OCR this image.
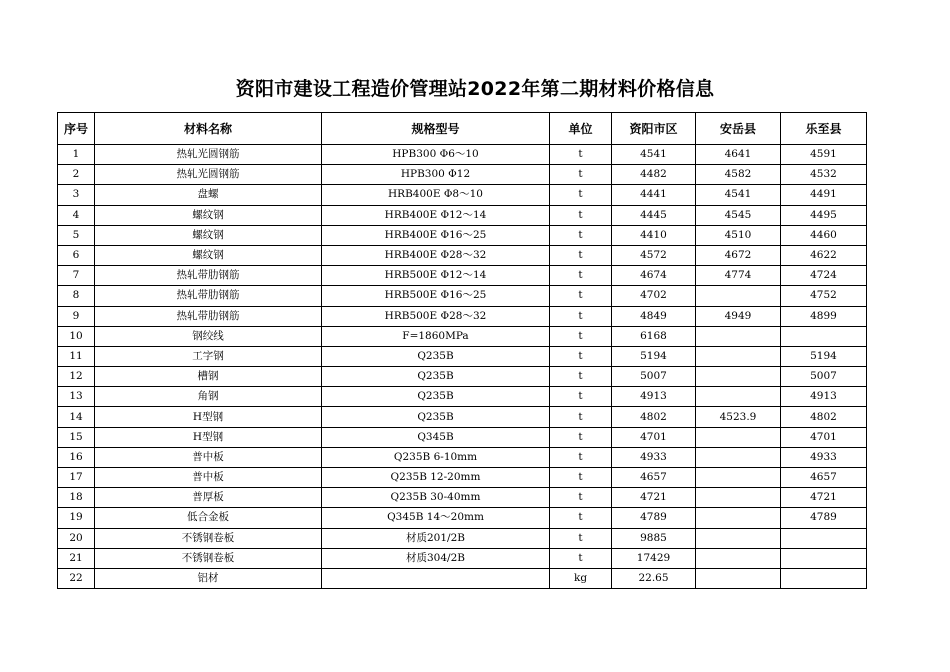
资阳市建设工程造价管理站2022年第二期材料价格信息
序号	材料名称	规格型号	单位	资阳市区	安岳县	乐至县
1	热轧光圆钢筋	HPB300 Φ6～10	t	4541	4641	4591
2	热轧光圆钢筋	HPB300 Φ12	t	4482	4582	4532
3	盘螺	HRB400E Φ8～10	t	4441	4541	4491
4	螺纹钢	HRB400E Φ12～14	t	4445	4545	4495
5	螺纹钢	HRB400E Φ16～25	t	4410	4510	4460
6	螺纹钢	HRB400E Φ28～32	t	4572	4672	4622
7	热轧带肋钢筋	HRB500E Φ12～14	t	4674	4774	4724
8	热轧带肋钢筋	HRB500E Φ16～25	t	4702		4752
9	热轧带肋钢筋	HRB500E Φ28～32	t	4849	4949	4899
10	钢绞线	F=1860MPa	t	6168		
11	工字钢	Q235B	t	5194		5194
12	槽钢	Q235B	t	5007		5007
13	角钢	Q235B	t	4913		4913
14	H型钢	Q235B	t	4802	4523.9	4802
15	H型钢	Q345B	t	4701		4701
16	普中板	Q235B 6-10mm	t	4933		4933
17	普中板	Q235B 12-20mm	t	4657		4657
18	普厚板	Q235B 30-40mm	t	4721		4721
19	低合金板	Q345B 14～20mm	t	4789		4789
20	不锈钢卷板	材质201/2B	t	9885		
21	不锈钢卷板	材质304/2B	t	17429		
22	铝材		kg	22.65		
